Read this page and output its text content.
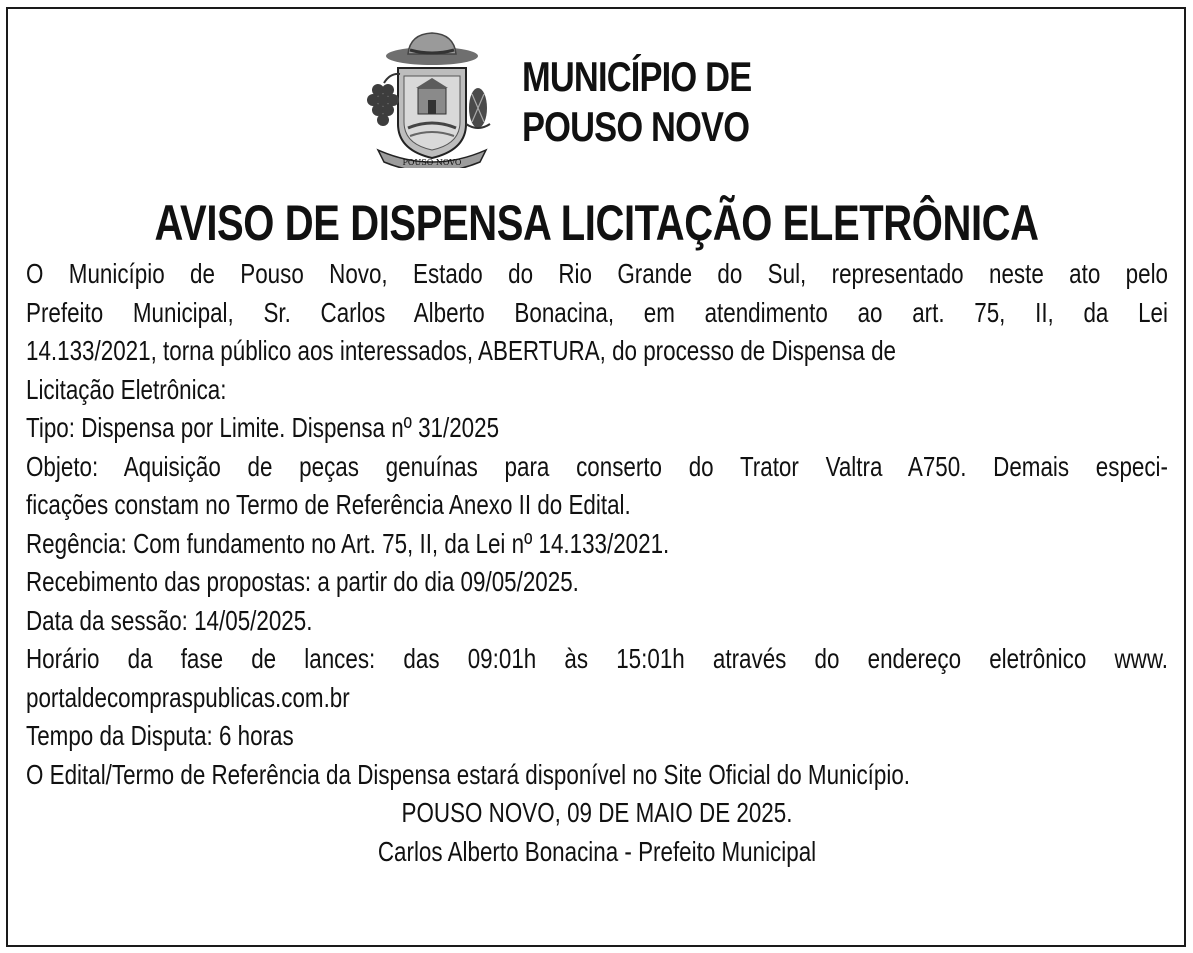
POUSO NOVO
MUNICÍPIO DE
POUSO NOVO
AVISO DE DISPENSA LICITAÇÃO ELETRÔNICA
O Município de Pouso Novo, Estado do Rio Grande do Sul, representado neste ato pelo
Prefeito Municipal, Sr. Carlos Alberto Bonacina, em atendimento ao art. 75, II, da Lei
14.133/2021, torna público aos interessados, ABERTURA, do processo de Dispensa de
Licitação Eletrônica:
Tipo: Dispensa por Limite. Dispensa nº 31/2025
Objeto: Aquisição de peças genuínas para conserto do Trator Valtra A750. Demais especi-
ficações constam no Termo de Referência Anexo II do Edital.
Regência: Com fundamento no Art. 75, II, da Lei nº 14.133/2021.
Recebimento das propostas: a partir do dia 09/05/2025.
Data da sessão: 14/05/2025.
Horário da fase de lances: das 09:01h às 15:01h através do endereço eletrônico www.
portaldecompraspublicas.com.br
Tempo da Disputa: 6 horas
O Edital/Termo de Referência da Dispensa estará disponível no Site Oficial do Município.
POUSO NOVO, 09 DE MAIO DE 2025.
Carlos Alberto Bonacina - Prefeito Municipal
